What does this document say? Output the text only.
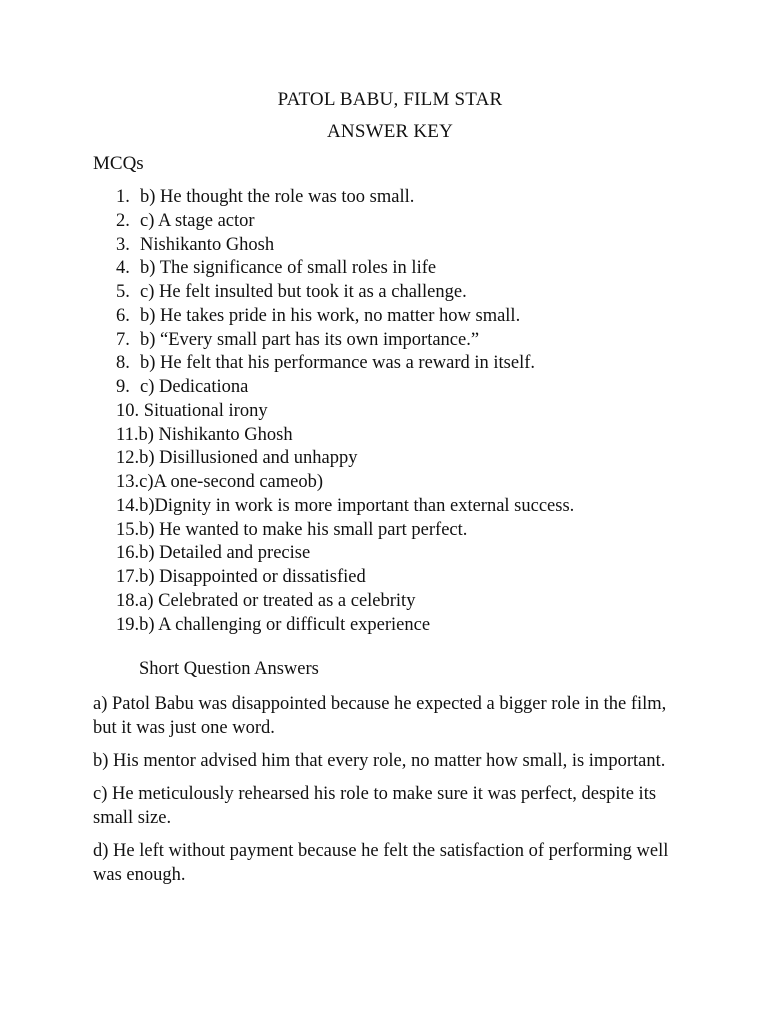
PATOL BABU, FILM STAR
ANSWER KEY
MCQs
1. b) He thought the role was too small.
2. c) A stage actor
3. Nishikanto Ghosh
4. b) The significance of small roles in life
5. c) He felt insulted but took it as a challenge.
6. b) He takes pride in his work, no matter how small.
7. b) “Every small part has its own importance.”
8. b) He felt that his performance was a reward in itself.
9. c) Dedicationa
10. Situational irony
11. b) Nishikanto Ghosh
12. b) Disillusioned and unhappy
13. c)A one-second cameob)
14. b)Dignity in work is more important than external success.
15. b) He wanted to make his small part perfect.
16. b) Detailed and precise
17. b) Disappointed or dissatisfied
18. a) Celebrated or treated as a celebrity
19. b) A challenging or difficult experience
Short Question Answers

a) Patol Babu was disappointed because he expected a bigger role in the film, but it was just one word.

b) His mentor advised him that every role, no matter how small, is important.

c) He meticulously rehearsed his role to make sure it was perfect, despite its small size.

d) He left without payment because he felt the satisfaction of performing well was enough.
